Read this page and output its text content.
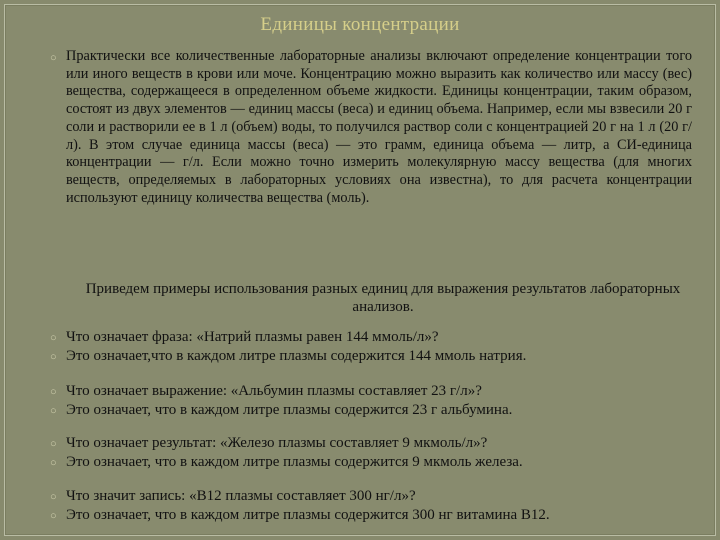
Единицы концентрации
○ Практически все количественные лабораторные анализы включают определение концентрации того или иного веществ в крови или моче. Концентрацию можно выразить как количество или массу (вес) вещества, содержащееся в определенном объеме жидкости. Единицы концентрации, таким образом, состоят из двух элементов — единиц массы (веса) и единиц объема. Например, если мы взвесили 20 г соли и растворили ее в 1 л (объем) воды, то получился раствор соли с концентрацией 20 г на 1 л (20 г/л). В этом случае единица массы (веса) — это грамм, единица объема — литр, а СИ-единица концентрации — г/л. Если можно точно измерить молекулярную массу вещества (для многих веществ, определяемых в лабораторных условиях она известна), то для расчета концентрации используют единицу количества вещества (моль).
Приведем примеры использования разных единиц для выражения результатов лабораторных анализов.
○
○
Что означает фраза: «Натрий плазмы равен 144 ммоль/л»?
Это означает,что в каждом литре плазмы содержится 144 ммоль натрия.
○
○
Что означает выражение: «Альбумин плазмы составляет 23 г/л»?
Это означает, что в каждом литре плазмы содержится 23 г альбумина.
○
○
Что означает результат: «Железо плазмы составляет 9 мкмоль/л»?
Это означает, что в каждом литре плазмы содержится 9 мкмоль железа.
○
○
Что значит запись: «В12 плазмы составляет 300 нг/л»?
Это означает, что в каждом литре плазмы содержится 300 нг витамина В12.
